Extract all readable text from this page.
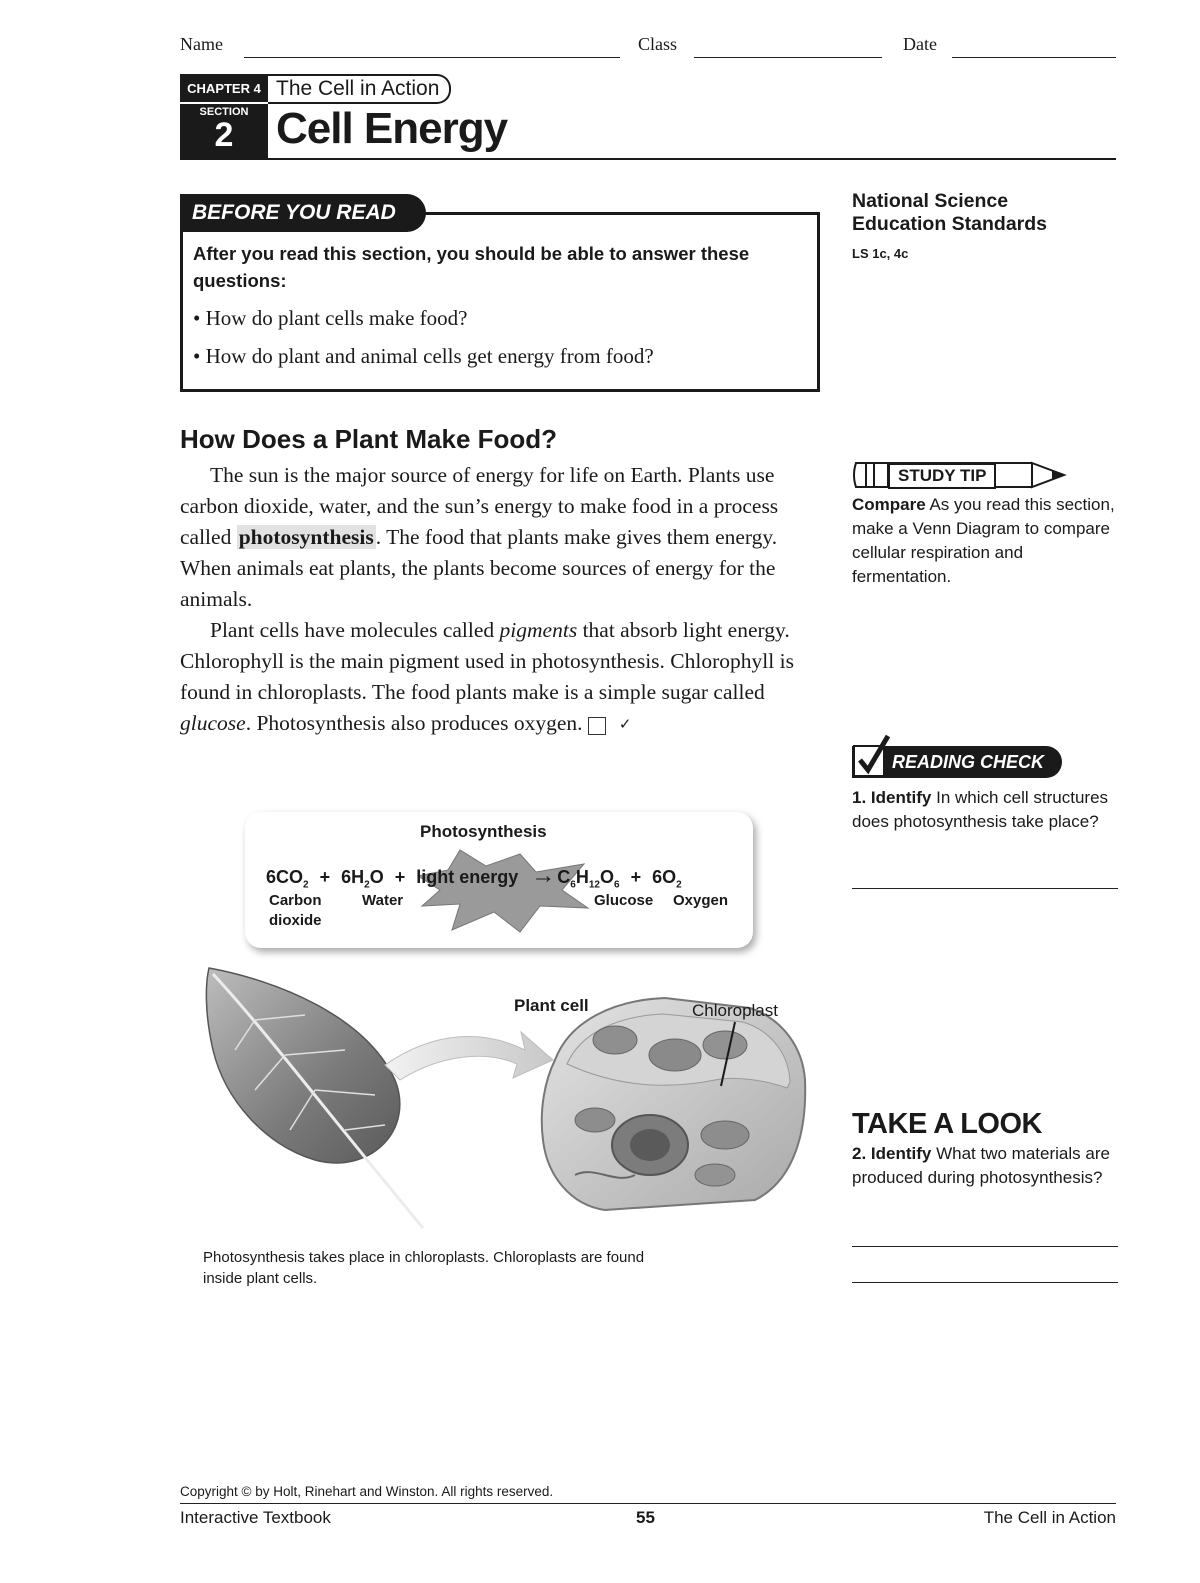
Name	Class	Date
CHAPTER 4 The Cell in Action
SECTION
2 Cell Energy
BEFORE YOU READ
After you read this section, you should be able to answer these questions:
• How do plant cells make food?
• How do plant and animal cells get energy from food?
National Science
Education Standards
LS 1c, 4c
How Does a Plant Make Food?

The sun is the major source of energy for life on Earth. Plants use carbon dioxide, water, and the sun’s energy to make food in a process called photosynthesis. The food that plants make gives them energy. When animals eat plants, the plants become sources of energy for the animals.

Plant cells have molecules called pigments that absorb light energy. Chlorophyll is the main pigment used in photosynthesis. Chlorophyll is found in chloroplasts. The food plants make is a simple sugar called glucose. Photosynthesis also produces oxygen. ✓

STUDY TIP
Compare As you read this section, make a Venn Diagram to compare cellular respiration and fermentation.
READING CHECK
1. Identify In which cell structures does photosynthesis take place?
TAKE A LOOK
2. Identify What two materials are produced during photosynthesis?
Photosynthesis
$6CO_2 + 6H_2O$ + light energy → $C_6H_{12}O_6 + 6O_2$
Carbon
dioxide
Water	Glucose Oxygen
Plant cell	Chloroplast
Photosynthesis takes place in chloroplasts. Chloroplasts are found inside plant cells.
Copyright © by Holt, Rinehart and Winston. All rights reserved.
Interactive Textbook	55	The Cell in Action
